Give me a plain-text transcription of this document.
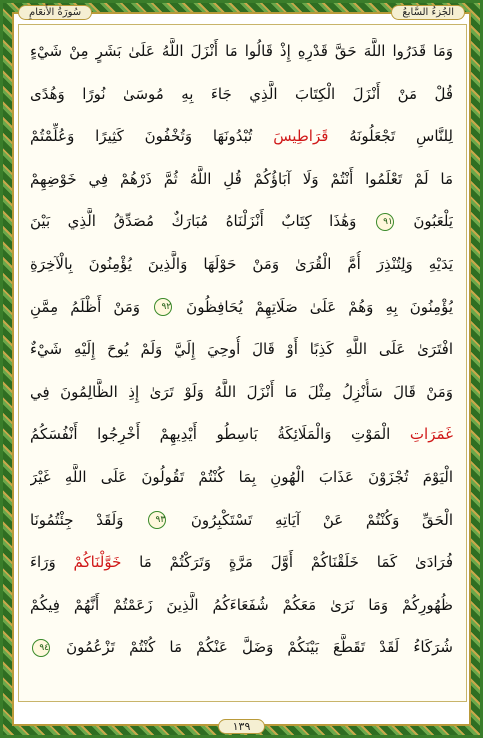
سُورَةُ الأَنعَامِ	الجُزءُ السَّابعُ
وَمَا قَدَرُوا اللَّهَ حَقَّ قَدْرِهِ إِذْ قَالُوا مَا أَنْزَلَ اللَّهُ عَلَىٰ بَشَرٍ مِنْ شَيْءٍ
قُلْ مَنْ أَنْزَلَ الْكِتَابَ الَّذِي جَاءَ بِهِ مُوسَىٰ نُورًا وَهُدًى
لِلنَّاسِ تَجْعَلُونَهُ قَرَاطِيسَ تُبْدُونَهَا وَتُخْفُونَ كَثِيرًا وَعُلِّمْتُمْ
مَا لَمْ تَعْلَمُوا أَنْتُمْ وَلَا آبَاؤُكُمْ قُلِ اللَّهُ ثُمَّ ذَرْهُمْ فِي خَوْضِهِمْ
يَلْعَبُونَ ٩١ وَهَٰذَا كِتَابٌ أَنْزَلْنَاهُ مُبَارَكٌ مُصَدِّقُ الَّذِي بَيْنَ
يَدَيْهِ وَلِتُنْذِرَ أُمَّ الْقُرَىٰ وَمَنْ حَوْلَهَا وَالَّذِينَ يُؤْمِنُونَ بِالْآخِرَةِ
يُؤْمِنُونَ بِهِ وَهُمْ عَلَىٰ صَلَاتِهِمْ يُحَافِظُونَ ٩٢ وَمَنْ أَظْلَمُ مِمَّنِ
افْتَرَىٰ عَلَى اللَّهِ كَذِبًا أَوْ قَالَ أُوحِيَ إِلَيَّ وَلَمْ يُوحَ إِلَيْهِ شَيْءٌ
وَمَنْ قَالَ سَأُنْزِلُ مِثْلَ مَا أَنْزَلَ اللَّهُ وَلَوْ تَرَىٰ إِذِ الظَّالِمُونَ فِي
غَمَرَاتِ الْمَوْتِ وَالْمَلَائِكَةُ بَاسِطُو أَيْدِيهِمْ أَخْرِجُوا أَنْفُسَكُمُ
الْيَوْمَ تُجْزَوْنَ عَذَابَ الْهُونِ بِمَا كُنْتُمْ تَقُولُونَ عَلَى اللَّهِ غَيْرَ
الْحَقِّ وَكُنْتُمْ عَنْ آيَاتِهِ تَسْتَكْبِرُونَ ٩٣ وَلَقَدْ جِئْتُمُونَا
فُرَادَىٰ كَمَا خَلَقْنَاكُمْ أَوَّلَ مَرَّةٍ وَتَرَكْتُمْ مَا خَوَّلْنَاكُمْ وَرَاءَ
ظُهُورِكُمْ وَمَا نَرَىٰ مَعَكُمْ شُفَعَاءَكُمُ الَّذِينَ زَعَمْتُمْ أَنَّهُمْ فِيكُمْ
شُرَكَاءُ لَقَدْ تَقَطَّعَ بَيْنَكُمْ وَضَلَّ عَنْكُمْ مَا كُنْتُمْ تَزْعُمُونَ ٩٤
١٣٩
